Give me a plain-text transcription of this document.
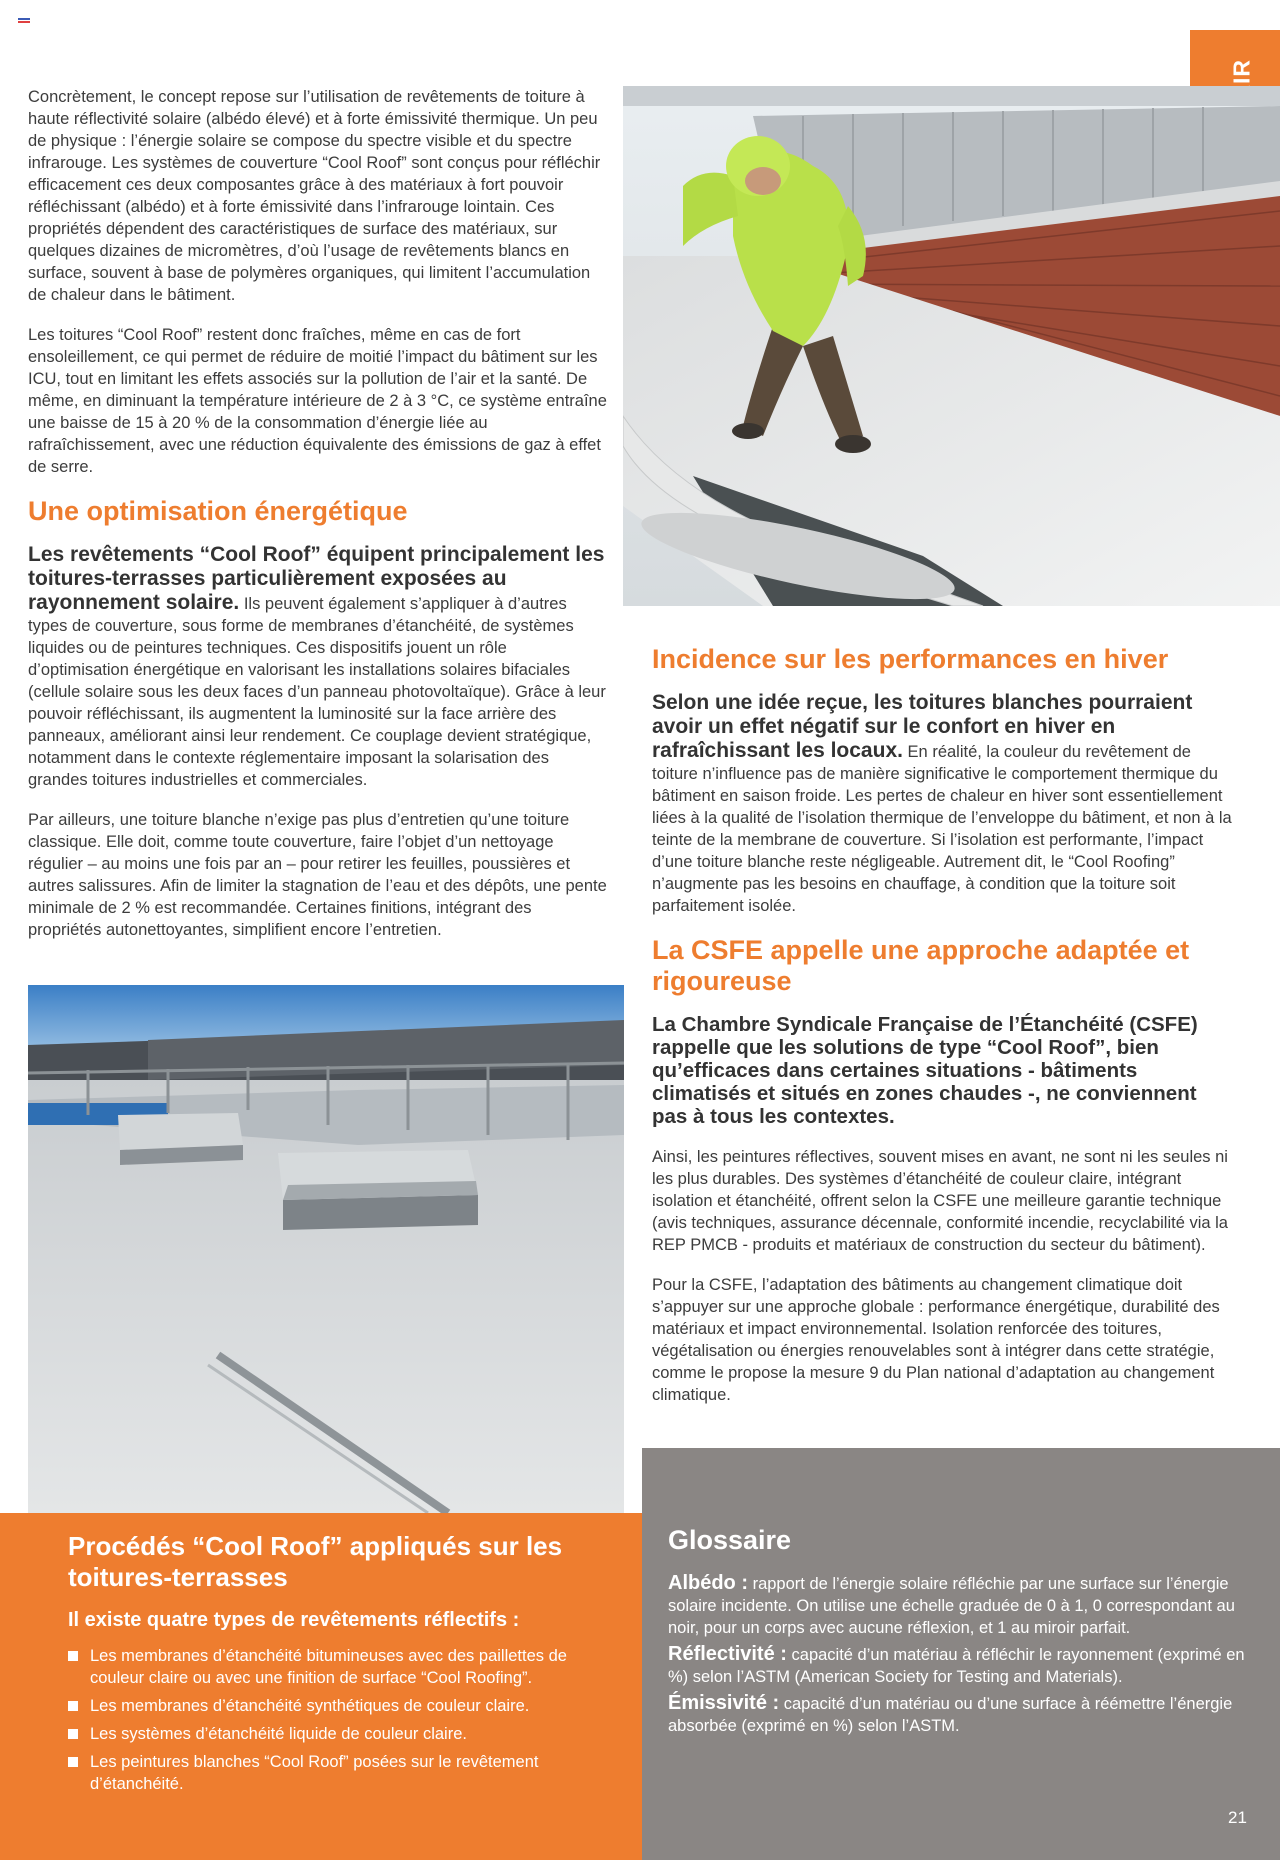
Concrètement, le concept repose sur l’utilisation de revêtements de toiture à haute réflectivité solaire (albédo élevé) et à forte émissivité thermique. Un peu de physique : l’énergie solaire se compose du spectre visible et du spectre infrarouge. Les systèmes de couverture “Cool Roof” sont conçus pour réfléchir efficacement ces deux composantes grâce à des matériaux à fort pouvoir réfléchissant (albédo) et à forte émissivité dans l’infrarouge lointain. Ces propriétés dépendent des caractéristiques de surface des matériaux, sur quelques dizaines de micromètres, d’où l’usage de revêtements blancs en surface, souvent à base de polymères organiques, qui limitent l’accumulation de chaleur dans le bâtiment.

Les toitures “Cool Roof” restent donc fraîches, même en cas de fort ensoleillement, ce qui permet de réduire de moitié l’impact du bâtiment sur les ICU, tout en limitant les effets associés sur la pollution de l’air et la santé. De même, en diminuant la température intérieure de 2 à 3 °C, ce système entraîne une baisse de 15 à 20 % de la consommation d’énergie liée au rafraîchissement, avec une réduction équivalente des émissions de gaz à effet de serre.

Une optimisation énergétique

Les revêtements “Cool Roof” équipent principalement les toitures-terrasses particulièrement exposées au rayonnement solaire. Ils peuvent également s’appliquer à d’autres types de couverture, sous forme de membranes d’étanchéité, de systèmes liquides ou de peintures techniques. Ces dispositifs jouent un rôle d’optimisation énergétique en valorisant les installations solaires bifaciales (cellule solaire sous les deux faces d’un panneau photovoltaïque). Grâce à leur pouvoir réfléchissant, ils augmentent la luminosité sur la face arrière des panneaux, améliorant ainsi leur rendement. Ce couplage devient stratégique, notamment dans le contexte réglementaire imposant la solarisation des grandes toitures industrielles et commerciales.

Par ailleurs, une toiture blanche n’exige pas plus d’entretien qu’une toiture classique. Elle doit, comme toute couverture, faire l’objet d’un nettoyage régulier – au moins une fois par an – pour retirer les feuilles, poussières et autres salissures. Afin de limiter la stagnation de l’eau et des dépôts, une pente minimale de 2 % est recommandée. Certaines finitions, intégrant des propriétés autonettoyantes, simplifient encore l’entretien.

Incidence sur les performances en hiver

Selon une idée reçue, les toitures blanches pourraient avoir un effet négatif sur le confort en hiver en rafraîchissant les locaux. En réalité, la couleur du revêtement de toiture n’influence pas de manière significative le comportement thermique du bâtiment en saison froide. Les pertes de chaleur en hiver sont essentiellement liées à la qualité de l’isolation thermique de l’enveloppe du bâtiment, et non à la teinte de la membrane de couverture. Si l’isolation est performante, l’impact d’une toiture blanche reste négligeable. Autrement dit, le “Cool Roofing” n’augmente pas les besoins en chauffage, à condition que la toiture soit parfaitement isolée.

La CSFE appelle une approche adaptée et rigoureuse
La Chambre Syndicale Française de l’Étanchéité (CSFE) rappelle que les solutions de type “Cool Roof”, bien qu’efficaces dans certaines situations - bâtiments climatisés et situés en zones chaudes -, ne conviennent pas à tous les contextes.

Ainsi, les peintures réflectives, souvent mises en avant, ne sont ni les seules ni les plus durables. Des systèmes d’étanchéité de couleur claire, intégrant isolation et étanchéité, offrent selon la CSFE une meilleure garantie technique (avis techniques, assurance décennale, conformité incendie, recyclabilité via la REP PMCB - produits et matériaux de construction du secteur du bâtiment).

Pour la CSFE, l’adaptation des bâtiments au changement climatique doit s’appuyer sur une approche globale : performance énergétique, durabilité des matériaux et impact environnemental. Isolation renforcée des toitures, végétalisation ou énergies renouvelables sont à intégrer dans cette stratégie, comme le propose la mesure 9 du Plan national d’adaptation au changement climatique.

Procédés “Cool Roof” appliqués sur les toitures-terrasses
Il existe quatre types de revêtements réflectifs :
Les membranes d’étanchéité bitumineuses avec des paillettes de couleur claire ou avec une finition de surface “Cool Roofing”.
Les membranes d’étanchéité synthétiques de couleur claire.
Les systèmes d’étanchéité liquide de couleur claire.
Les peintures blanches “Cool Roof” posées sur le revêtement d’étanchéité.
Glossaire

Albédo : rapport de l’énergie solaire réfléchie par une surface sur l’énergie solaire incidente. On utilise une échelle graduée de 0 à 1, 0 correspondant au noir, pour un corps avec aucune réflexion, et 1 au miroir parfait.

Réflectivité : capacité d’un matériau à réfléchir le rayonnement (exprimé en %) selon l’ASTM (American Society for Testing and Materials).

Émissivité : capacité d’un matériau ou d’une surface à réémettre l’énergie absorbée (exprimé en %) selon l’ASTM.

21
